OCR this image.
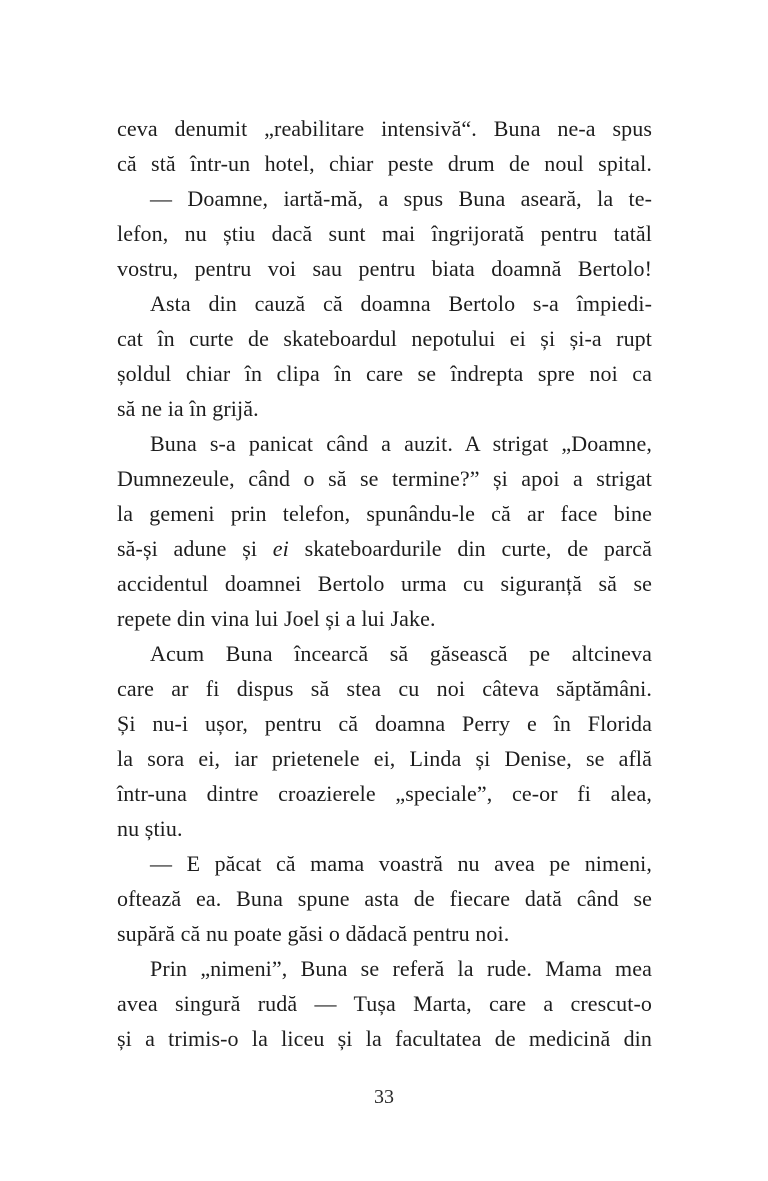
ceva denumit „reabilitare intensivă“. Buna ne-a spus
că stă într-un hotel, chiar peste drum de noul spital.
— Doamne, iartă-mă, a spus Buna aseară, la te-
lefon, nu știu dacă sunt mai îngrijorată pentru tatăl
vostru, pentru voi sau pentru biata doamnă Bertolo!
Asta din cauză că doamna Bertolo s-a împiedi-
cat în curte de skateboardul nepotului ei și și-a rupt
șoldul chiar în clipa în care se îndrepta spre noi ca
să ne ia în grijă.
Buna s-a panicat când a auzit. A strigat „Doamne,
Dumnezeule, când o să se termine?” și apoi a strigat
la gemeni prin telefon, spunându-le că ar face bine
să-și adune și ei skateboardurile din curte, de parcă
accidentul doamnei Bertolo urma cu siguranță să se
repete din vina lui Joel și a lui Jake.
Acum Buna încearcă să găsească pe altcineva
care ar fi dispus să stea cu noi câteva săptămâni.
Și nu-i ușor, pentru că doamna Perry e în Florida
la sora ei, iar prietenele ei, Linda și Denise, se află
într-una dintre croazierele „speciale”, ce-or fi alea,
nu știu.
— E păcat că mama voastră nu avea pe nimeni,
oftează ea. Buna spune asta de fiecare dată când se
supără că nu poate găsi o dădacă pentru noi.
Prin „nimeni”, Buna se referă la rude. Mama mea
avea singură rudă — Tușa Marta, care a crescut-o
și a trimis-o la liceu și la facultatea de medicină din
33
